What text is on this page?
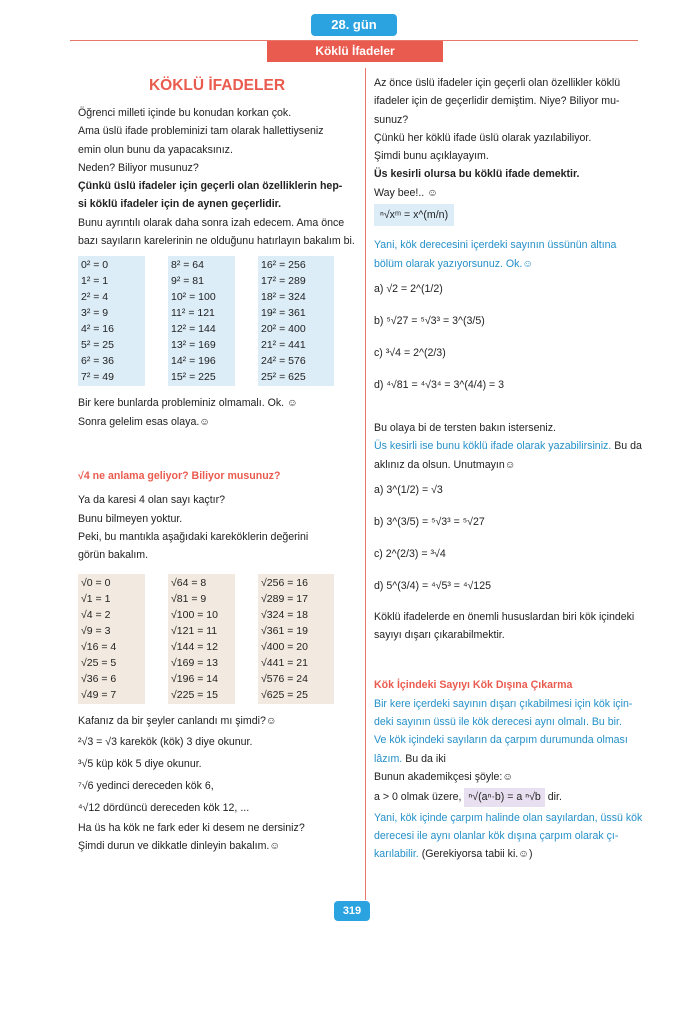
28. gün
Köklü İfadeler
KÖKLÜ İFADELER
Öğrenci milleti içinde bu konudan korkan çok.
Ama üslü ifade probleminizi tam olarak hallettiyseniz
emin olun bunu da yapacaksınız.
Neden? Biliyor musunuz?
Çünkü üslü ifadeler için geçerli olan özelliklerin hep-
si köklü ifadeler için de aynen geçerlidir.
Bunu ayrıntılı olarak daha sonra izah edecem. Ama önce bazı sayıların karelerinin ne olduğunu hatırlayın bakalım bi.
0² = 0
1² = 1
2² = 4
3² = 9
4² = 16
5² = 25
6² = 36
7² = 49
8² = 64
9² = 81
10² = 100
11² = 121
12² = 144
13² = 169
14² = 196
15² = 225
16² = 256
17² = 289
18² = 324
19² = 361
20² = 400
21² = 441
24² = 576
25² = 625
Bir kere bunlarda probleminiz olmamalı. Ok. ☺
Sonra gelelim esas olaya.☺
√4 ne anlama geliyor? Biliyor musunuz?
Ya da karesi 4 olan sayı kaçtır?
Bunu bilmeyen yoktur.
Peki, bu mantıkla aşağıdaki kareköklerin değerini
görün bakalım.
√0 = 0
√1 = 1
√4 = 2
√9 = 3
√16 = 4
√25 = 5
√36 = 6
√49 = 7
√64 = 8
√81 = 9
√100 = 10
√121 = 11
√144 = 12
√169 = 13
√196 = 14
√225 = 15
√256 = 16
√289 = 17
√324 = 18
√361 = 19
√400 = 20
√441 = 21
√576 = 24
√625 = 25
Kafanız da bir şeyler canlandı mı şimdi?☺
²√3 = √3 karekök (kök) 3 diye okunur.
³√5 küp kök 5 diye okunur.
⁷√6 yedinci dereceden kök 6,
⁴√12 dördüncü dereceden kök 12, ...
Ha üs ha kök ne fark eder ki desem ne dersiniz?
Şimdi durun ve dikkatle dinleyin bakalım.☺
Az önce üslü ifadeler için geçerli olan özellikler köklü
ifadeler için de geçerlidir demiştim. Niye? Biliyor mu-
sunuz?
Çünkü her köklü ifade üslü olarak yazılabiliyor.
Şimdi bunu açıklayayım.
Üs kesirli olursa bu köklü ifade demektir.
Way bee!.. ☺
ⁿ√xᵐ = x^(m/n)
Yani, kök derecesini içerdeki sayının üssünün altına bölüm olarak yazıyorsunuz. Ok.☺
a) √2 = 2^(1/2)
b) ⁵√27 = ⁵√3³ = 3^(3/5)
c) ³√4 = 2^(2/3)
d) ⁴√81 = ⁴√3⁴ = 3^(4/4) = 3
Bu olaya bi de tersten bakın isterseniz.
Üs kesirli ise bunu köklü ifade olarak yazabilirsiniz. Bu da aklınız da olsun. Unutmayın☺
a) 3^(1/2) = √3
b) 3^(3/5) = ⁵√3³ = ⁵√27
c) 2^(2/3) = ³√4
d) 5^(3/4) = ⁴√5³ = ⁴√125
Köklü ifadelerde en önemli hususlardan biri kök içindeki sayıyı dışarı çıkarabilmektir.
Kök İçindeki Sayıyı Kök Dışına Çıkarma
Bir kere içerdeki sayının dışarı çıkabilmesi için kök için-deki sayının üssü ile kök derecesi aynı olmalı. Bu bir.
Ve kök içindeki sayıların da çarpım durumunda olması lâzım. Bu da iki
Bunun akademikçesi şöyle:☺
a > 0 olmak üzere, ⁿ√(aⁿ·b) = a ⁿ√b dir.
Yani, kök içinde çarpım halinde olan sayılardan, üssü kök derecesi ile aynı olanlar kök dışına çarpım olarak çı-karılabilir. (Gerekiyorsa tabii ki.☺)
319
